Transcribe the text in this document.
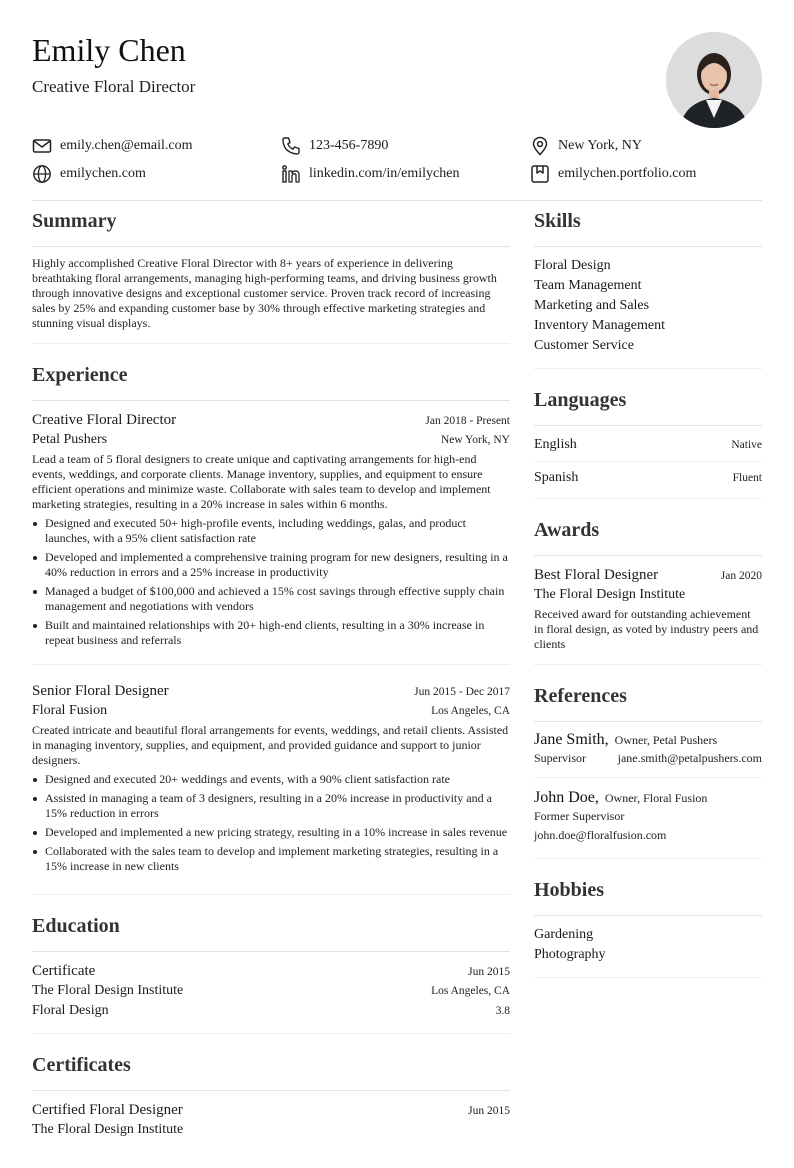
Emily Chen
Creative Floral Director
emily.chen@email.com	123-456-7890	New York, NY
emilychen.com	linkedin.com/in/emilychen	emilychen.portfolio.com
Summary

Highly accomplished Creative Floral Director with 8+ years of experience in delivering breathtaking floral arrangements, managing high-performing teams, and driving business growth through innovative designs and exceptional customer service. Proven track record of increasing sales by 25% and expanding customer base by 30% through effective marketing strategies and stunning visual displays.

Experience
Creative Floral Director	Jan 2018 - Present
Petal Pushers	New York, NY

Lead a team of 5 floral designers to create unique and captivating arrangements for high-end events, weddings, and corporate clients. Manage inventory, supplies, and equipment to ensure efficient operations and minimize waste. Collaborate with sales team to develop and implement marketing strategies, resulting in a 20% increase in sales within 6 months.

Designed and executed 50+ high-profile events, including weddings, galas, and product launches, with a 95% client satisfaction rate
Developed and implemented a comprehensive training program for new designers, resulting in a 40% reduction in errors and a 25% increase in productivity
Managed a budget of $100,000 and achieved a 15% cost savings through effective supply chain management and negotiations with vendors
Built and maintained relationships with 20+ high-end clients, resulting in a 30% increase in repeat business and referrals
Senior Floral Designer	Jun 2015 - Dec 2017
Floral Fusion	Los Angeles, CA

Created intricate and beautiful floral arrangements for events, weddings, and retail clients. Assisted in managing inventory, supplies, and equipment, and provided guidance and support to junior designers.

Designed and executed 20+ weddings and events, with a 90% client satisfaction rate
Assisted in managing a team of 3 designers, resulting in a 20% increase in productivity and a 15% reduction in errors
Developed and implemented a new pricing strategy, resulting in a 10% increase in sales revenue
Collaborated with the sales team to develop and implement marketing strategies, resulting in a 15% increase in new clients
Education
Certificate	Jun 2015
The Floral Design Institute	Los Angeles, CA
Floral Design	3.8
Certificates
Certified Floral Designer	Jun 2015
The Floral Design Institute
Skills
Floral Design
Team Management
Marketing and Sales
Inventory Management
Customer Service
Languages
English	Native
Spanish	Fluent
Awards
Best Floral Designer	Jan 2020
The Floral Design Institute

Received award for outstanding achievement in floral design, as voted by industry peers and clients

References
Jane Smith, Owner, Petal Pushers
Supervisor	jane.smith@petalpushers.com
John Doe, Owner, Floral Fusion
Former Supervisor
john.doe@floralfusion.com
Hobbies
Gardening
Photography
